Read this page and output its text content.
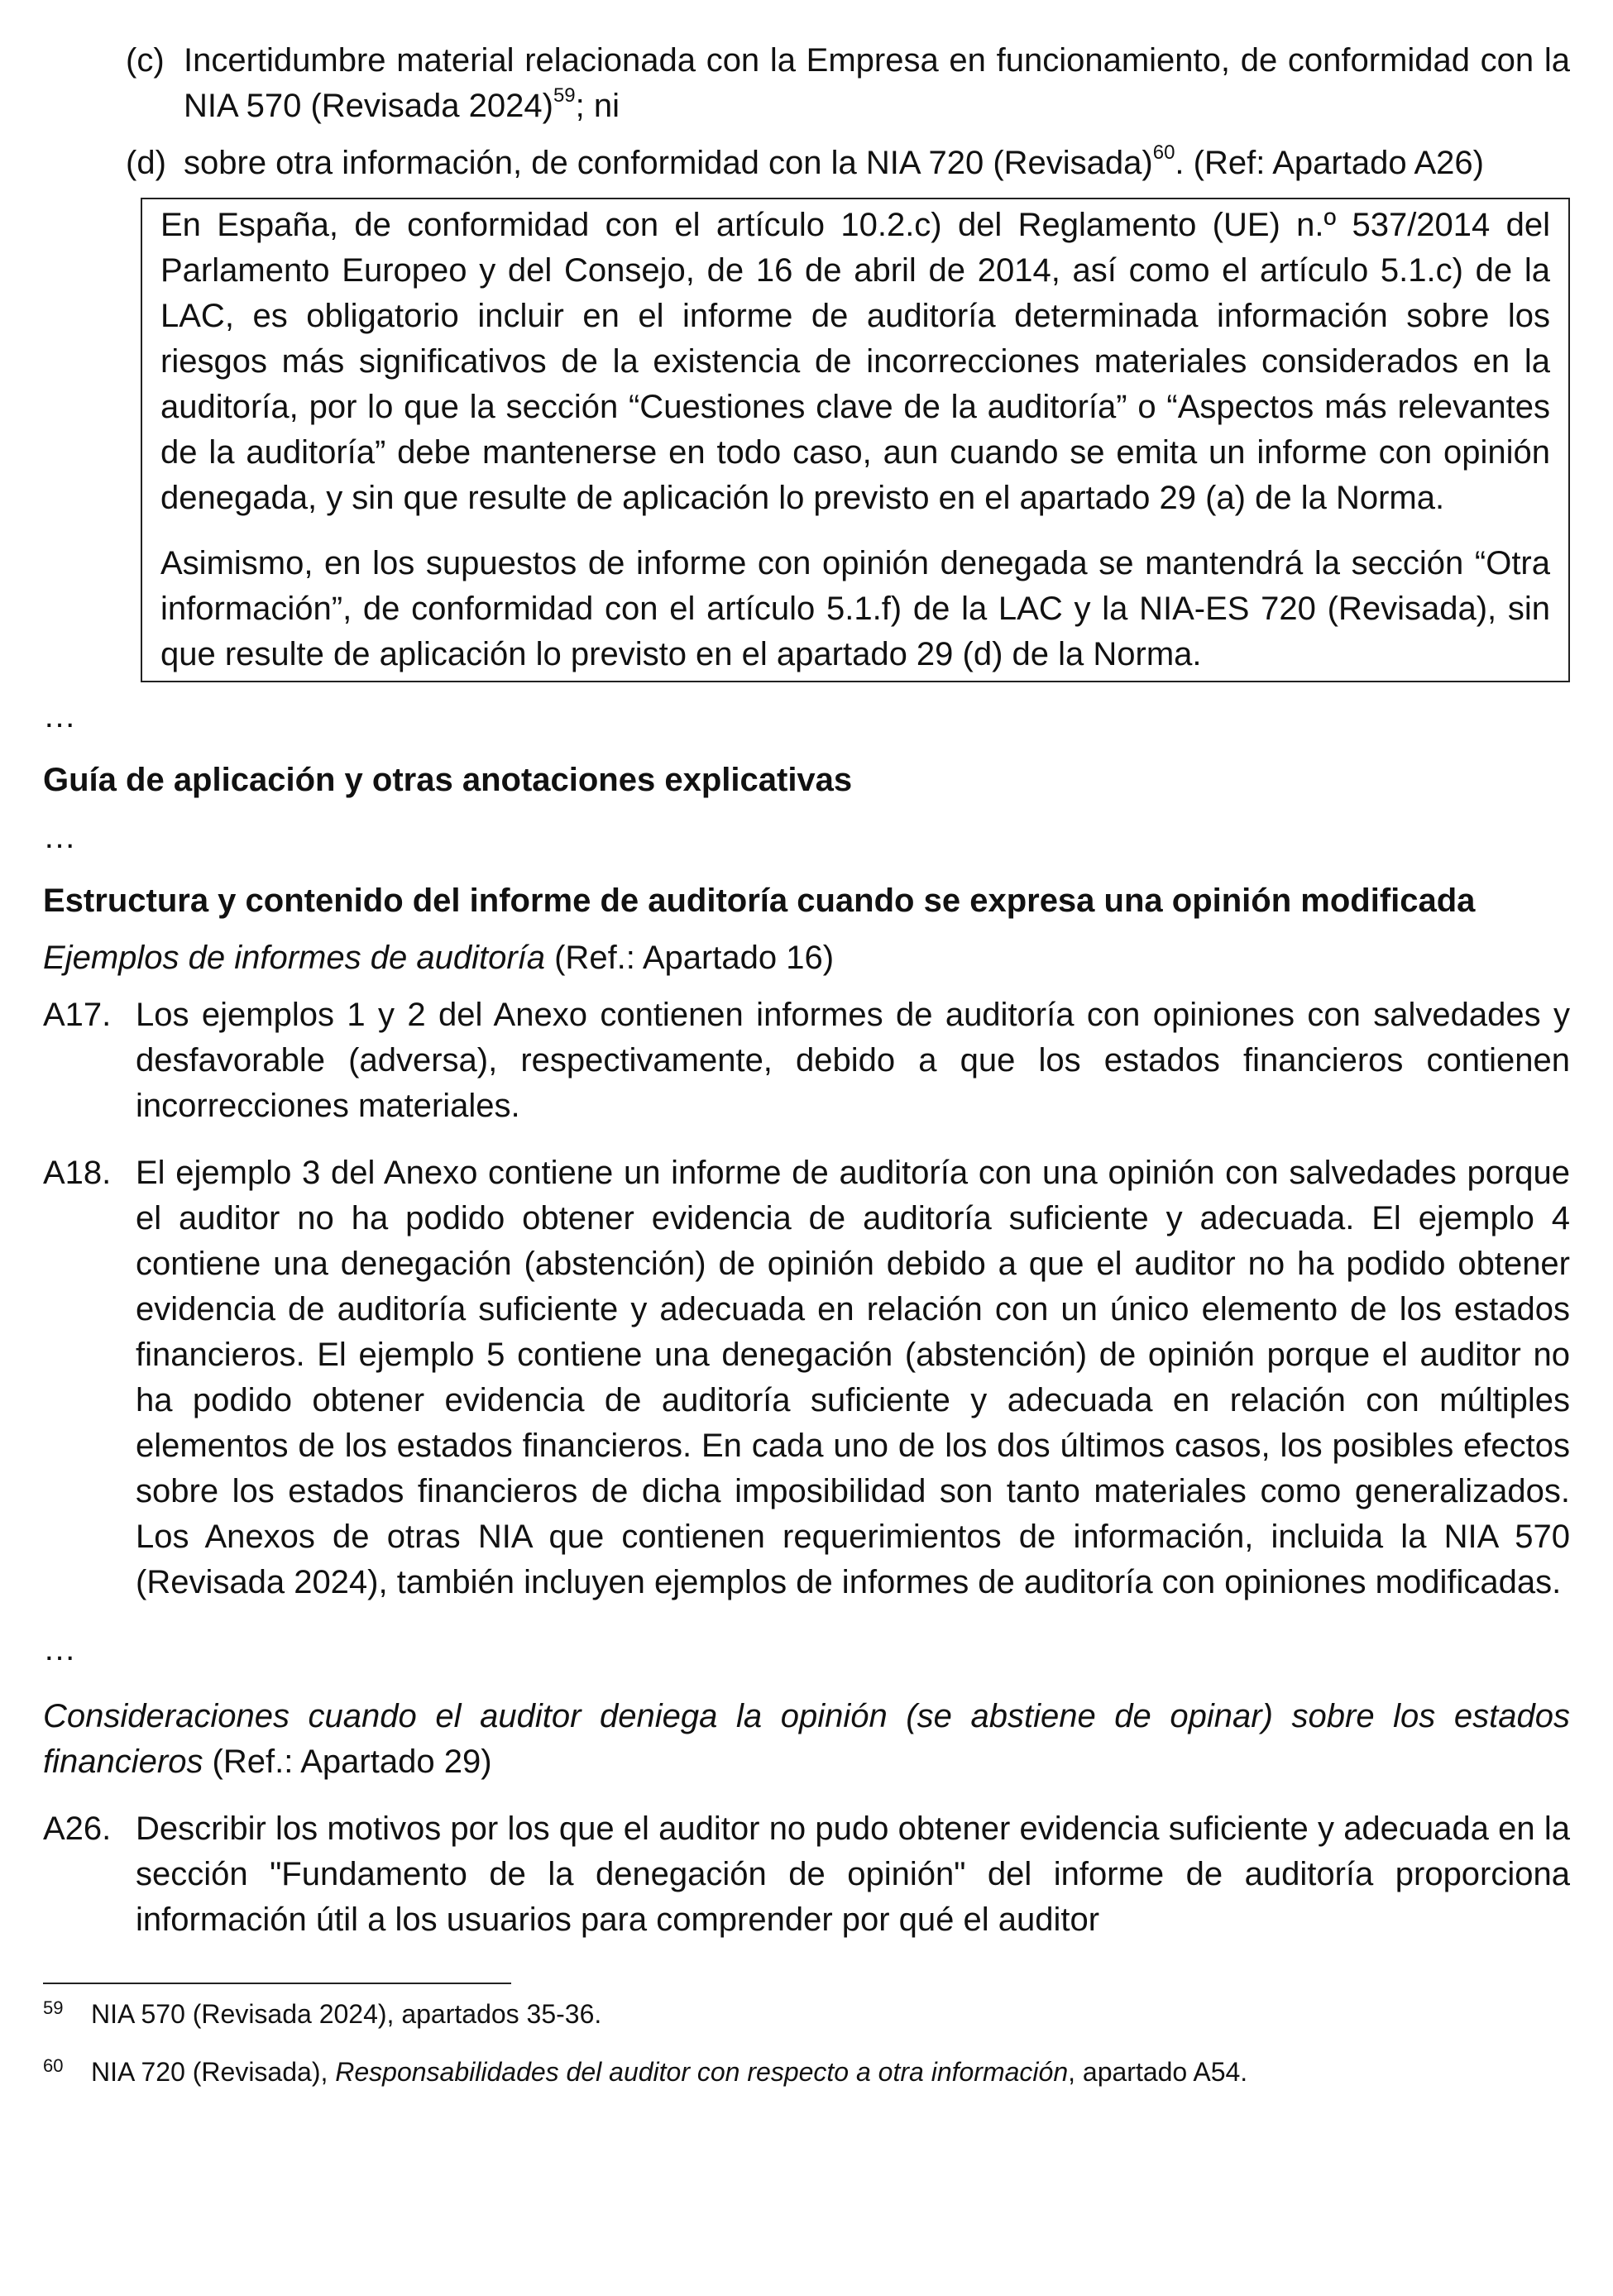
(c) Incertidumbre material relacionada con la Empresa en funcionamiento, de conformidad con la NIA 570 (Revisada 2024)$^{59}$; ni
(d) sobre otra información, de conformidad con la NIA 720 (Revisada)$^{60}$. (Ref: Apartado A26)

En España, de conformidad con el artículo 10.2.c) del Reglamento (UE) n.º 537/2014 del Parlamento Europeo y del Consejo, de 16 de abril de 2014, así como el artículo 5.1.c) de la LAC, es obligatorio incluir en el informe de auditoría determinada información sobre los riesgos más significativos de la existencia de incorrecciones materiales considerados en la auditoría, por lo que la sección “Cuestiones clave de la auditoría” o “Aspectos más relevantes de la auditoría” debe mantenerse en todo caso, aun cuando se emita un informe con opinión denegada, y sin que resulte de aplicación lo previsto en el apartado 29 (a) de la Norma.

Asimismo, en los supuestos de informe con opinión denegada se mantendrá la sección “Otra información”, de conformidad con el artículo 5.1.f) de la LAC y la NIA-ES 720 (Revisada), sin que resulte de aplicación lo previsto en el apartado 29 (d) de la Norma.

…

Guía de aplicación y otras anotaciones explicativas

…

Estructura y contenido del informe de auditoría cuando se expresa una opinión modificada

Ejemplos de informes de auditoría (Ref.: Apartado 16)

A17. Los ejemplos 1 y 2 del Anexo contienen informes de auditoría con opiniones con salvedades y desfavorable (adversa), respectivamente, debido a que los estados financieros contienen incorrecciones materiales.
A18. El ejemplo 3 del Anexo contiene un informe de auditoría con una opinión con salvedades porque el auditor no ha podido obtener evidencia de auditoría suficiente y adecuada. El ejemplo 4 contiene una denegación (abstención) de opinión debido a que el auditor no ha podido obtener evidencia de auditoría suficiente y adecuada en relación con un único elemento de los estados financieros. El ejemplo 5 contiene una denegación (abstención) de opinión porque el auditor no ha podido obtener evidencia de auditoría suficiente y adecuada en relación con múltiples elementos de los estados financieros. En cada uno de los dos últimos casos, los posibles efectos sobre los estados financieros de dicha imposibilidad son tanto materiales como generalizados. Los Anexos de otras NIA que contienen requerimientos de información, incluida la NIA 570 (Revisada 2024), también incluyen ejemplos de informes de auditoría con opiniones modificadas.

…

Consideraciones cuando el auditor deniega la opinión (se abstiene de opinar) sobre los estados financieros (Ref.: Apartado 29)

A26. Describir los motivos por los que el auditor no pudo obtener evidencia suficiente y adecuada en la sección "Fundamento de la denegación de opinión" del informe de auditoría proporciona información útil a los usuarios para comprender por qué el auditor
59	NIA 570 (Revisada 2024), apartados 35-36.
60	NIA 720 (Revisada), Responsabilidades del auditor con respecto a otra información, apartado A54.
